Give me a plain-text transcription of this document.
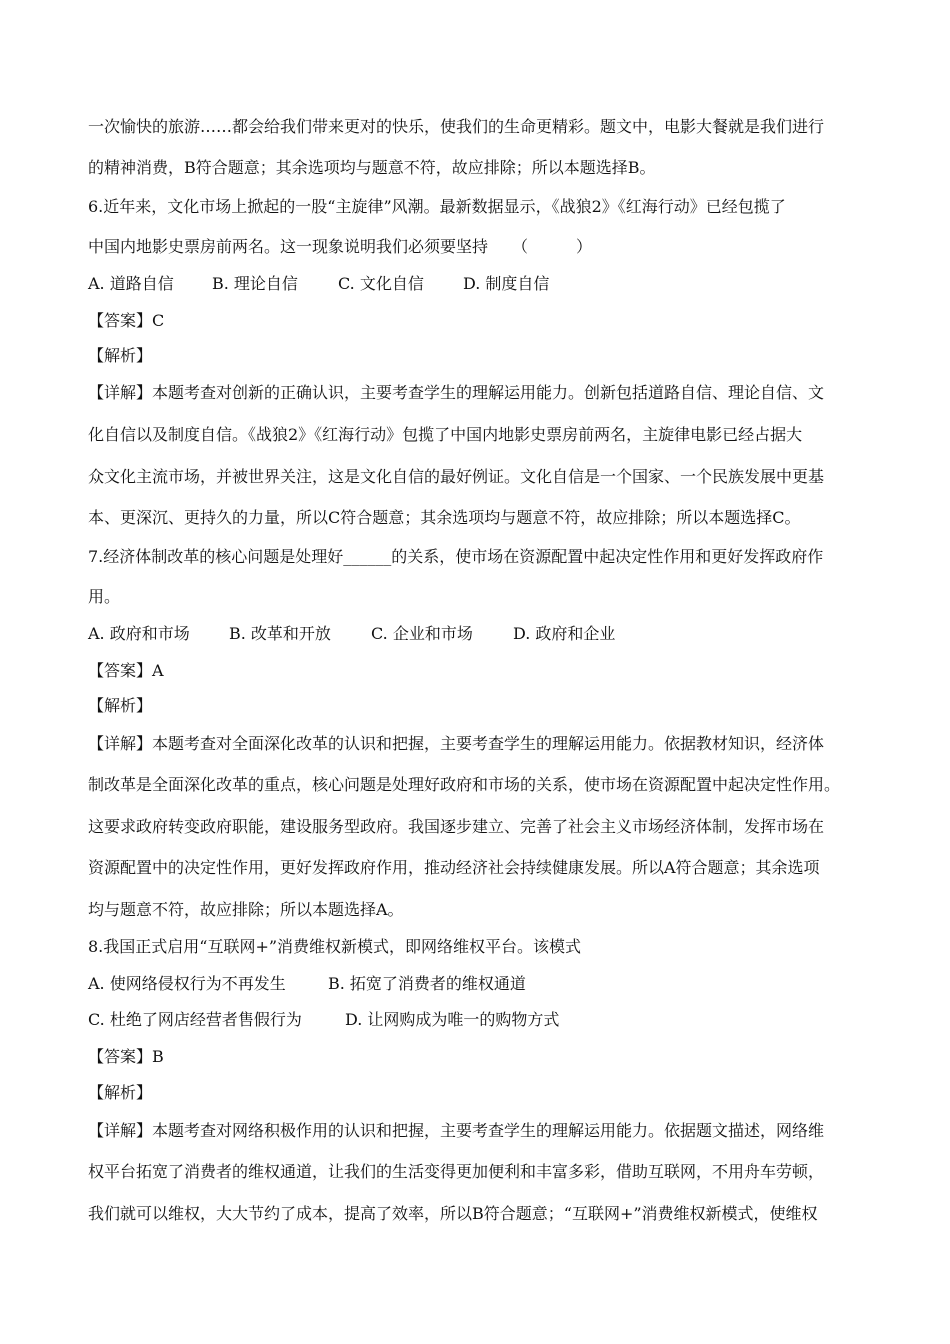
一次愉快的旅游……都会给我们带来更对的快乐，使我们的生命更精彩。题文中，电影大餐就是我们进行
的精神消费，B符合题意；其余选项均与题意不符，故应排除；所以本题选择B。
6.近年来，文化市场上掀起的一股“主旋律”风潮。最新数据显示，《战狼2》《红海行动》已经包揽了
中国内地影史票房前两名。这一现象说明我们必须要坚持　　（　　　）
A. 道路自信 B. 理论自信	C. 文化自信 D. 制度自信
【答案】C
【解析】
【详解】本题考查对创新的正确认识，主要考查学生的理解运用能力。创新包括道路自信、理论自信、文
化自信以及制度自信。《战狼2》《红海行动》包揽了中国内地影史票房前两名，主旋律电影已经占据大
众文化主流市场，并被世界关注，这是文化自信的最好例证。文化自信是一个国家、一个民族发展中更基
本、更深沉、更持久的力量，所以C符合题意；其余选项均与题意不符，故应排除；所以本题选择C。
7.经济体制改革的核心问题是处理好______的关系，使市场在资源配置中起决定性作用和更好发挥政府作
用。
A. 政府和市场 B. 改革和开放	C. 企业和市场	D. 政府和企业
【答案】A
【解析】
【详解】本题考查对全面深化改革的认识和把握，主要考查学生的理解运用能力。依据教材知识，经济体
制改革是全面深化改革的重点，核心问题是处理好政府和市场的关系，使市场在资源配置中起决定性作用。
这要求政府转变政府职能，建设服务型政府。我国逐步建立、完善了社会主义市场经济体制，发挥市场在
资源配置中的决定性作用，更好发挥政府作用，推动经济社会持续健康发展。所以A符合题意；其余选项
均与题意不符，故应排除；所以本题选择A。
8.我国正式启用“互联网+”消费维权新模式，即网络维权平台。该模式
A. 使网络侵权行为不再发生	B. 拓宽了消费者的维权通道
C. 杜绝了网店经营者售假行为	D. 让网购成为唯一的购物方式
【答案】B
【解析】
【详解】本题考查对网络积极作用的认识和把握，主要考查学生的理解运用能力。依据题文描述，网络维
权平台拓宽了消费者的维权通道，让我们的生活变得更加便利和丰富多彩，借助互联网，不用舟车劳顿，
我们就可以维权，大大节约了成本，提高了效率，所以B符合题意；“互联网+”消费维权新模式，使维权
